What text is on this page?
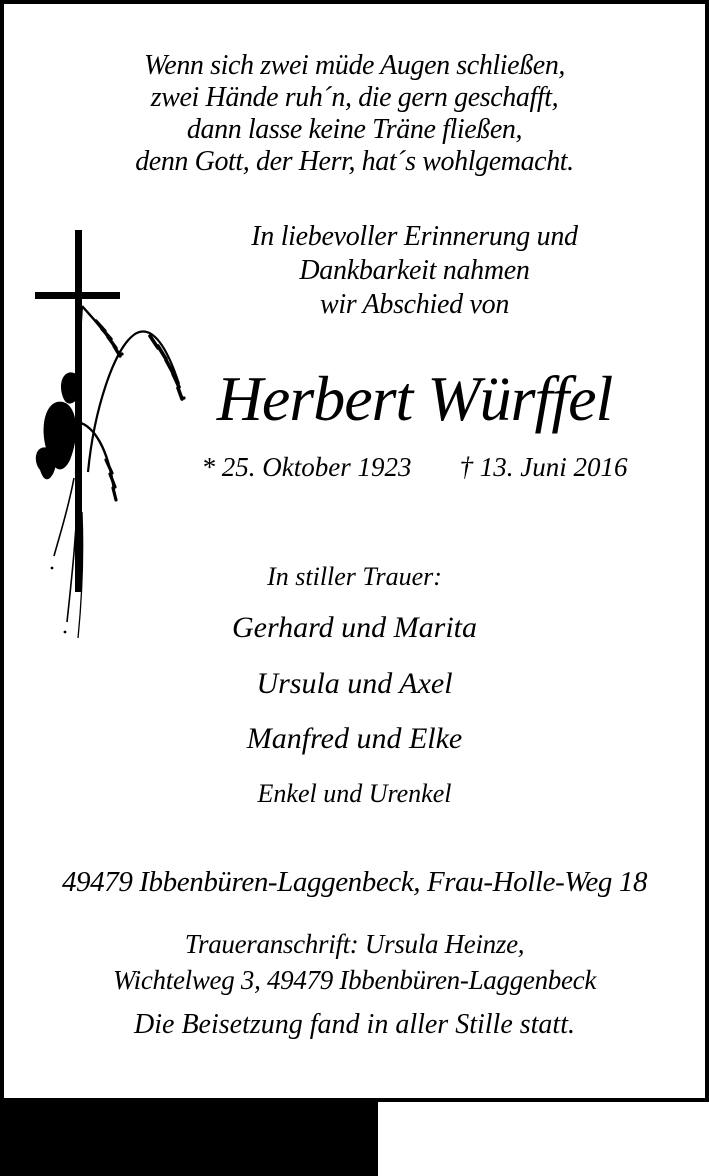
Wenn sich zwei müde Augen schließen,
zwei Hände ruh´n, die gern geschafft,
dann lasse keine Träne fließen,
denn Gott, der Herr, hat´s wohlgemacht.
In liebevoller Erinnerung und
Dankbarkeit nahmen
wir Abschied von
Herbert Würffel
* 25. Oktober 1923 † 13. Juni 2016
In stiller Trauer:
Gerhard und Marita
Ursula und Axel
Manfred und Elke
Enkel und Urenkel
49479 Ibbenbüren-Laggenbeck, Frau-Holle-Weg 18
Traueranschrift: Ursula Heinze,
Wichtelweg 3, 49479 Ibbenbüren-Laggenbeck
Die Beisetzung fand in aller Stille statt.
